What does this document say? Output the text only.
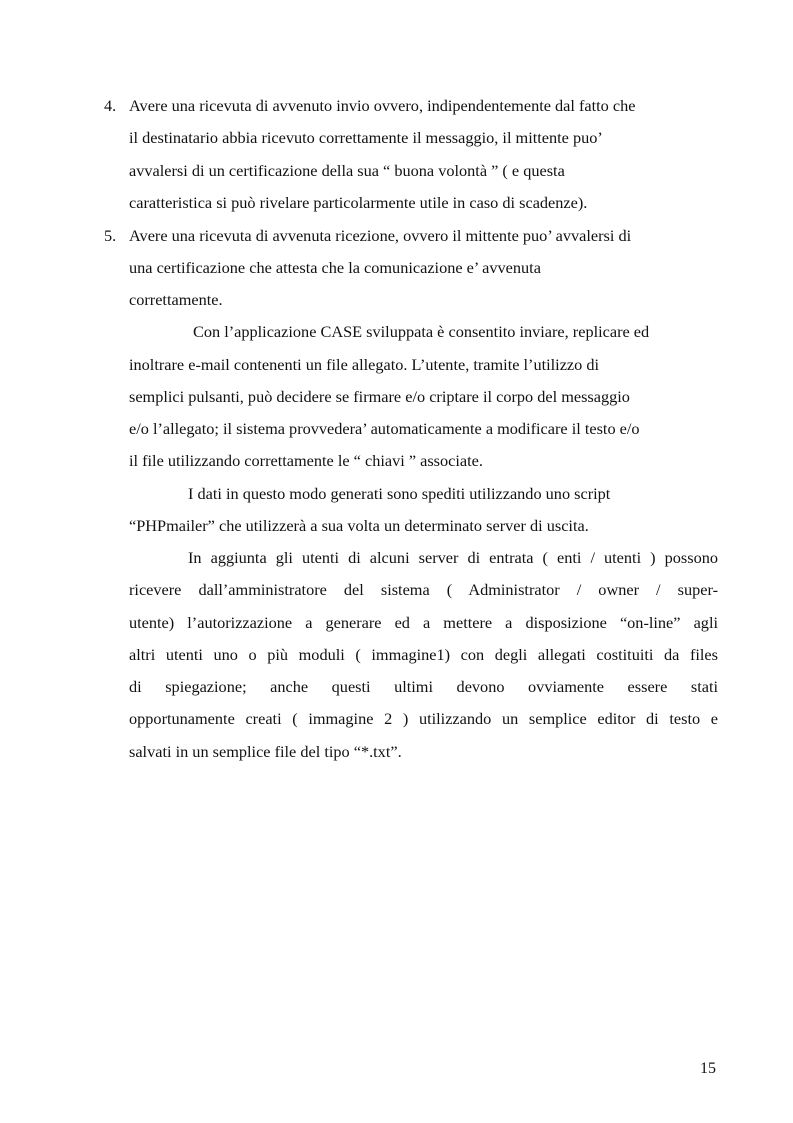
4. Avere una ricevuta di avvenuto invio ovvero, indipendentemente dal fatto che
il destinatario abbia ricevuto correttamente il messaggio, il mittente puo’
avvalersi di un certificazione della sua “ buona volontà ” ( e questa
caratteristica si può rivelare particolarmente utile in caso di scadenze).
5. Avere una ricevuta di avvenuta ricezione, ovvero il mittente puo’ avvalersi di
una certificazione che attesta che la comunicazione e’ avvenuta
correttamente.
Con l’applicazione CASE sviluppata è consentito inviare, replicare ed
inoltrare e-mail contenenti un file allegato. L’utente, tramite l’utilizzo di
semplici pulsanti, può decidere se firmare e/o criptare il corpo del messaggio
e/o l’allegato; il sistema provvedera’ automaticamente a modificare il testo e/o
il file utilizzando correttamente le “ chiavi ” associate.
I dati in questo modo generati sono spediti utilizzando uno script
“PHPmailer” che utilizzerà a sua volta un determinato server di uscita.
In aggiunta gli utenti di alcuni server di entrata ( enti / utenti ) possono
ricevere dall’amministratore del sistema ( Administrator / owner / super-
utente) l’autorizzazione a generare ed a mettere a disposizione “on-line” agli
altri utenti uno o più moduli ( immagine1) con degli allegati costituiti da files
di spiegazione; anche questi ultimi devono ovviamente essere stati
opportunamente creati ( immagine 2 ) utilizzando un semplice editor di testo e
salvati in un semplice file del tipo “*.txt”.
15
